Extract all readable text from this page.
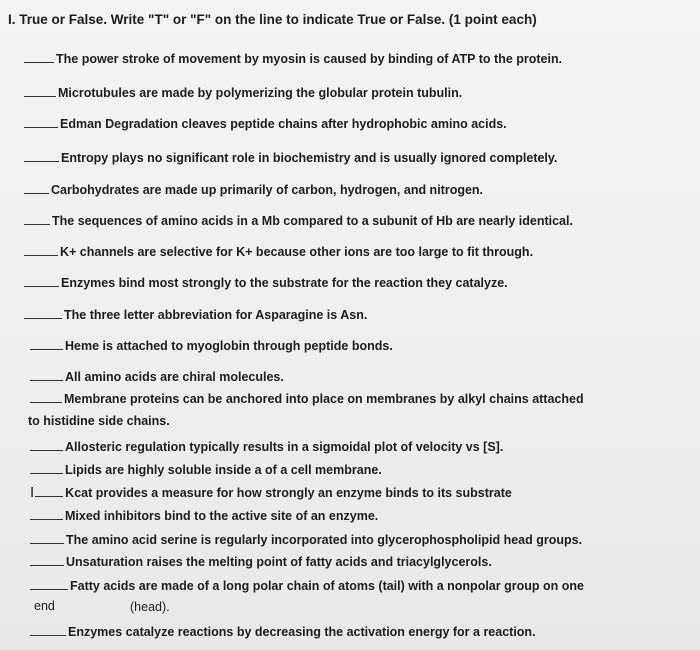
I. True or False. Write "T" or "F" on the line to indicate True or False. (1 point each)
The power stroke of movement by myosin is caused by binding of ATP to the protein.
Microtubules are made by polymerizing the globular protein tubulin.
Edman Degradation cleaves peptide chains after hydrophobic amino acids.
Entropy plays no significant role in biochemistry and is usually ignored completely.
Carbohydrates are made up primarily of carbon, hydrogen, and nitrogen.
The sequences of amino acids in a Mb compared to a subunit of Hb are nearly identical.
K+ channels are selective for K+ because other ions are too large to fit through.
Enzymes bind most strongly to the substrate for the reaction they catalyze.
The three letter abbreviation for Asparagine is Asn.
Heme is attached to myoglobin through peptide bonds.
All amino acids are chiral molecules.
Membrane proteins can be anchored into place on membranes by alkyl chains attached
to histidine side chains.
Allosteric regulation typically results in a sigmoidal plot of velocity vs [S].
Lipids are highly soluble inside a of a cell membrane.
I Kcat provides a measure for how strongly an enzyme binds to its substrate
Mixed inhibitors bind to the active site of an enzyme.
The amino acid serine is regularly incorporated into glycerophospholipid head groups.
Unsaturation raises the melting point of fatty acids and triacylglycerols.
Fatty acids are made of a long polar chain of atoms (tail) with a nonpolar group on one
end	(head).
Enzymes catalyze reactions by decreasing the activation energy for a reaction.
